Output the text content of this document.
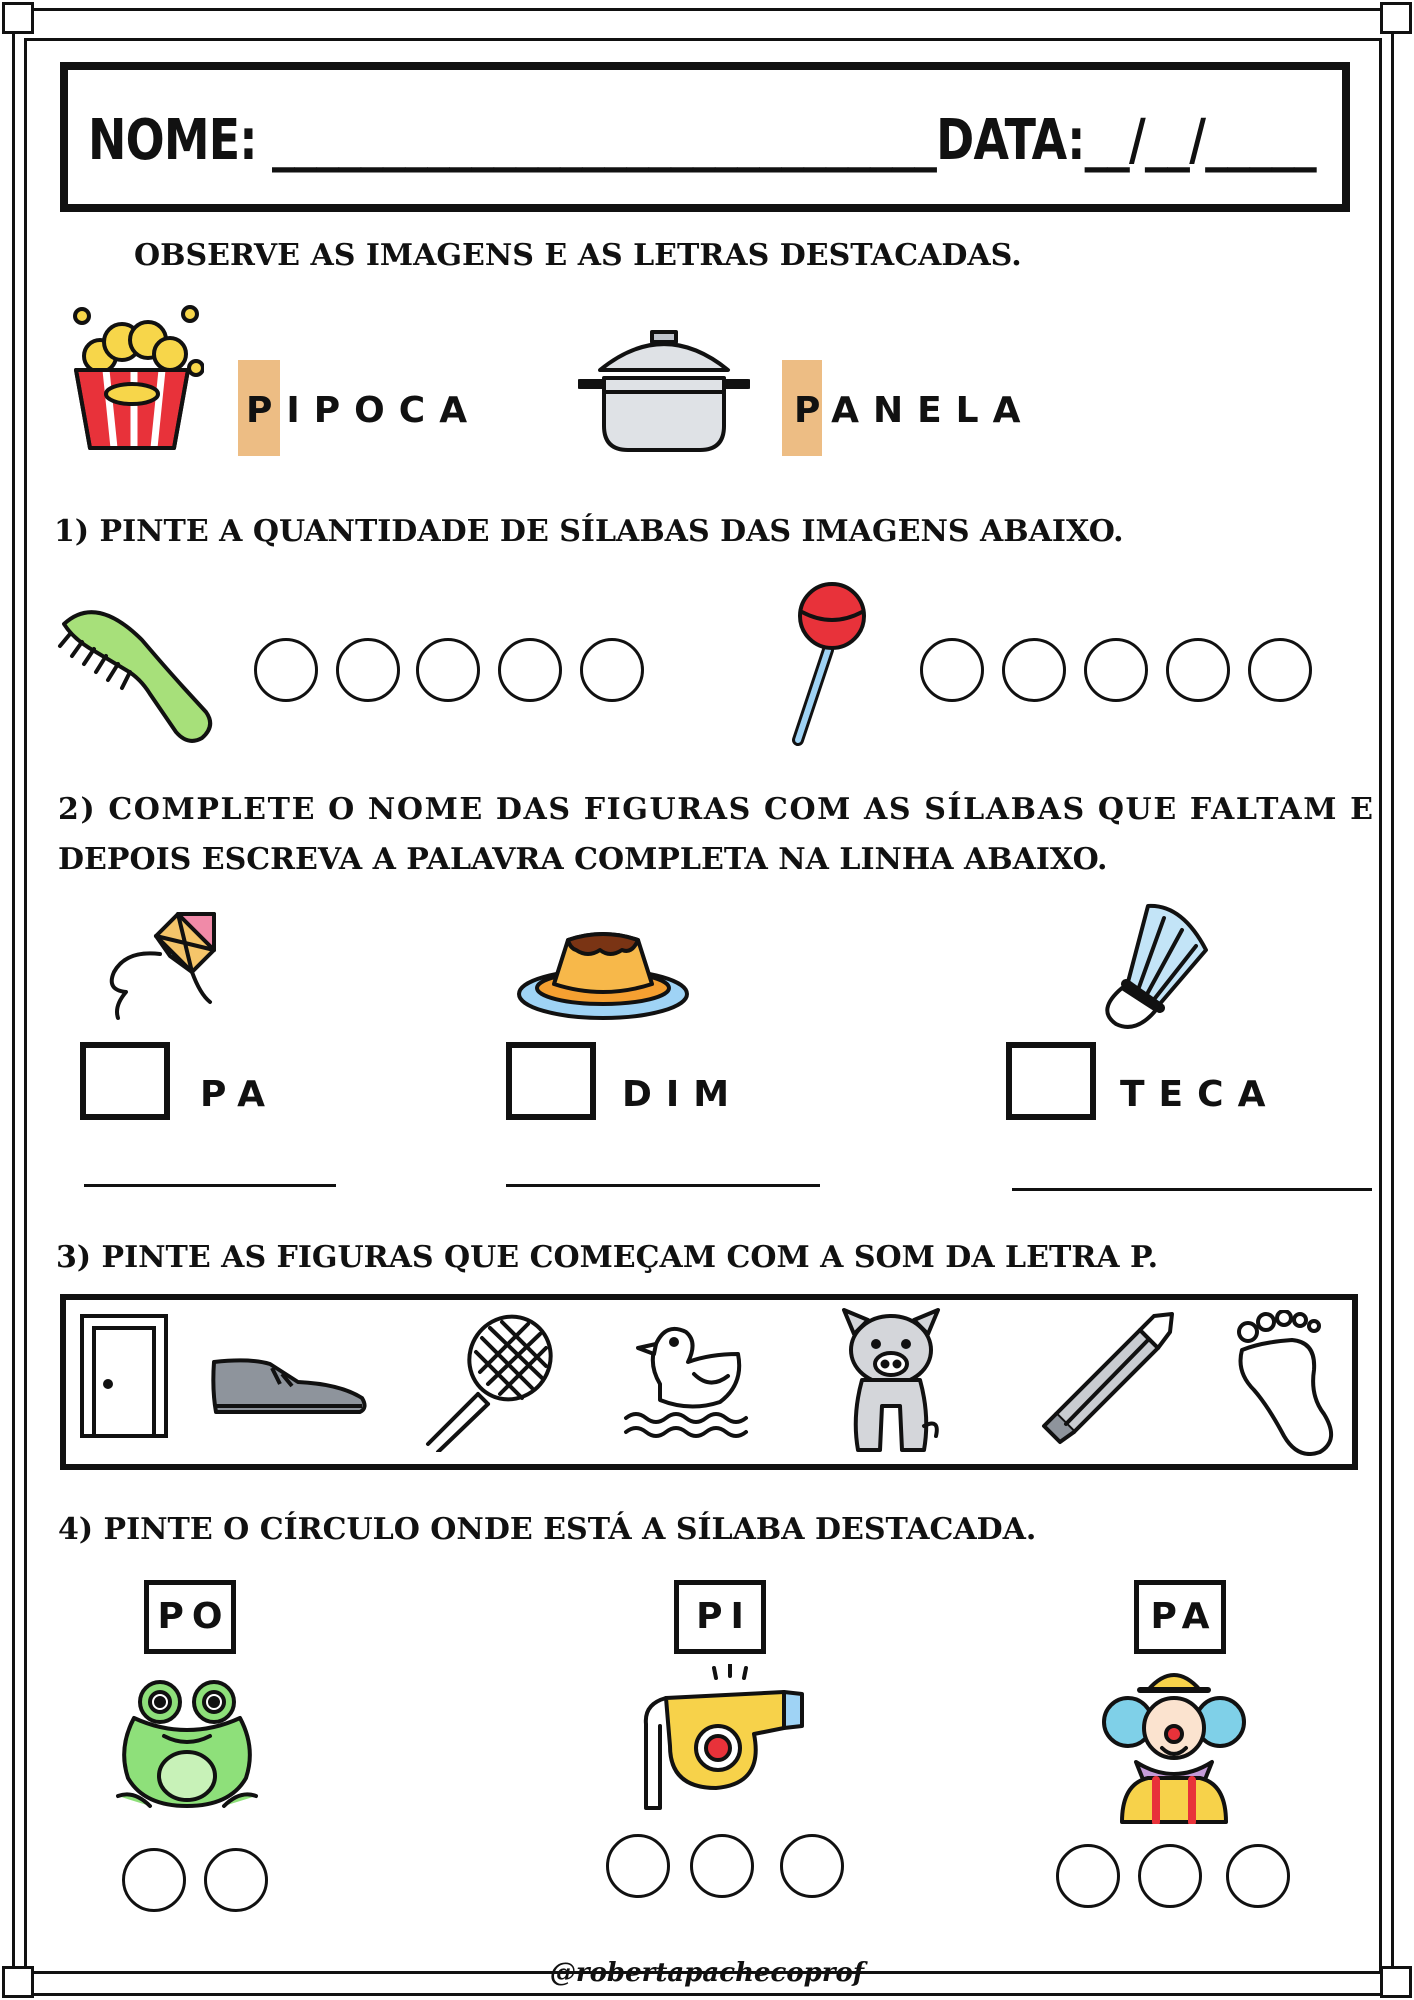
NOME: ______________________________DATA:__/__/_____
OBSERVE AS IMAGENS E AS LETRAS DESTACADAS.
PIPOCA	PANELA
1) PINTE A QUANTIDADE DE SÍLABAS DAS IMAGENS ABAIXO.
2) COMPLETE O NOME DAS FIGURAS COM AS SÍLABAS QUE FALTAM E
DEPOIS ESCREVA A PALAVRA COMPLETA NA LINHA ABAIXO.
PA	DIM	TECA
3) PINTE AS FIGURAS QUE COMEÇAM COM A SOM DA LETRA P.
4) PINTE O CÍRCULO ONDE ESTÁ A SÍLABA DESTACADA.
PO	PI	PA
@robertapachecoprof
